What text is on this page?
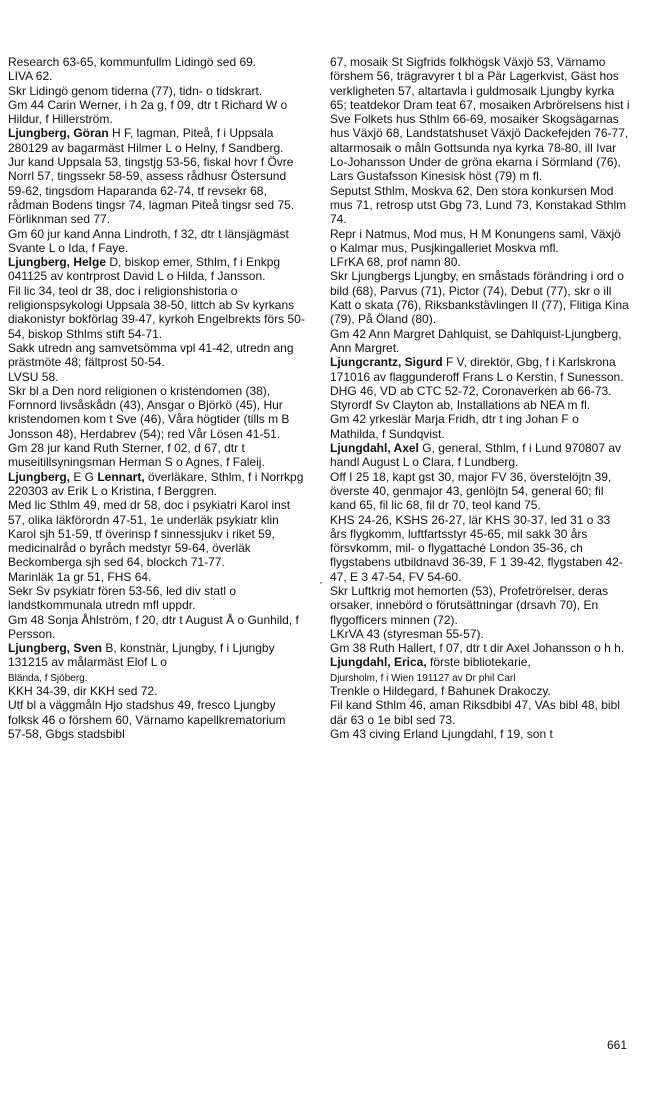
Research 63-65, kommunfullm Lidingö sed 69.

LIVA 62.

Skr Lidingö genom tiderna (77), tidn- o tidskrart.

Gm 44 Carin Werner, i h 2a g, f 09, dtr t Richard W o Hildur, f Hillerström.

Ljungberg, Göran H F, lagman, Piteå, f i Uppsala 280129 av bagarmäst Hilmer L o Helny, f Sandberg.

Jur kand Uppsala 53, tingstjg 53-56, fiskal hovr f Övre Norrl 57, tingssekr 58-59, assess rådhusr Östersund 59-62, tingsdom Haparanda 62-74, tf revsekr 68, rådman Bodens tingsr 74, lagman Piteå tingsr sed 75.

Förliknman sed 77.

Gm 60 jur kand Anna Lindroth, f 32, dtr t länsjägmäst Svante L o Ida, f Faye.

Ljungberg, Helge D, biskop emer, Sthlm, f i Enkpg 041125 av kontrprost David L o Hilda, f Jansson.

Fil lic 34, teol dr 38, doc i religionshistoria o religionspsykologi Uppsala 38-50, littch ab Sv kyrkans diakonistyr bokförlag 39-47, kyrkoh Engelbrekts förs 50-54, biskop Sthlms stift 54-71.

Sakk utredn ang samvetsömma vpl 41-42, utredn ang prästmöte 48; fältprost 50-54.

LVSU 58.

Skr bl a Den nord religionen o kristendomen (38), Fornnord livsåskådn (43), Ansgar o Björkö (45), Hur kristendomen kom t Sve (46), Våra högtider (tills m B Jonsson 48), Herdabrev (54); red Vår Lösen 41-51.

Gm 28 jur kand Ruth Sterner, f 02, d 67, dtr t museitillsyningsman Herman S o Agnes, f Faleij.

Ljungberg, E G Lennart, överläkare, Sthlm, f i Norrkpg 220303 av Erik L o Kristina, f Berggren.

Med lic Sthlm 49, med dr 58, doc i psykiatri Karol inst 57, olika läkförordn 47-51, 1e underläk psykiatr klin Karol sjh 51-59, tf överinsp f sinnessjukv i riket 59, medicinalråd o byråch medstyr 59-64, överläk Beckomberga sjh sed 64, blockch 71-77.

Marinläk 1a gr 51, FHS 64.

Sekr Sv psykiatr fören 53-56, led div statl o landstkommunala utredn mfl uppdr.

Gm 48 Sonja Åhlström, f 20, dtr t August Å o Gunhild, f Persson.

Ljungberg, Sven B, konstnär, Ljungby, f i Ljungby 131215 av målarmäst Elof L o
Blända, f Sjöberg.

KKH 34-39, dir KKH sed 72.

Utf bl a väggmåln Hjo stadshus 49, fresco Ljungby folksk 46 o förshem 60, Värnamo kapellkrematorium 57-58, Gbgs stadsbibl

·

67, mosaik St Sigfrids folkhögsk Växjö 53, Värnamo förshem 56, trägravyrer t bl a Pär Lagerkvist, Gäst hos verkligheten 57, altartavla i guldmosaik Ljungby kyrka 65; teatdekor Dram teat 67, mosaiken Arbrörelsens hist i Sve Folkets hus Sthlm 66-69, mosaiker Skogsägarnas hus Växjö 68, Landstatshuset Växjö Dackefejden 76-77, altarmosaik o måln Gottsunda nya kyrka 78-80, ill Ivar Lo-Johansson Under de gröna ekarna i Sörmland (76), Lars Gustafsson Kinesisk höst (79) m fl.

Seputst Sthlm, Moskva 62, Den stora konkursen Mod mus 71, retrosp utst Gbg 73, Lund 73, Konstakad Sthlm 74.

Repr i Natmus, Mod mus, H M Konungens saml, Växjö o Kalmar mus, Pusjkingalleriet Moskva mfl.

LFrKA 68, prof namn 80.

Skr Ljungbergs Ljungby, en småstads förändring i ord o bild (68), Parvus (71), Pictor (74), Debut (77), skr o ill Katt o skata (76), Riksbankstävlingen II (77), Flitiga Kina (79), På Öland (80).

Gm 42 Ann Margret Dahlquist, se Dahlquist-Ljungberg, Ann Margret.

Ljungcrantz, Sigurd F V, direktör, Gbg, f i Karlskrona 171016 av flaggunderoff Frans L o Kerstin, f Sunesson.

DHG 46, VD ab CTC 52-72, Coronaverken ab 66-73.

Styrordf Sv Clayton ab, Installations ab NEA m fl.

Gm 42 yrkeslär Marja Fridh, dtr t ing Johan F o Mathilda, f Sundqvist.

Ljungdahl, Axel G, general, Sthlm, f i Lund 970807 av handl August L o Clara, f Lundberg.

Off I 25 18, kapt gst 30, major FV 36, överstelöjtn 39, överste 40, genmajor 43, genlöjtn 54, general 60; fil kand 65, fil lic 68, fil dr 70, teol kand 75.

KHS 24-26, KSHS 26-27, lär KHS 30-37, led 31 o 33 års flygkomm, luftfartsstyr 45-65, mil sakk 30 års försvkomm, mil- o flygattaché London 35-36, ch flygstabens utbildnavd 36-39, F 1 39-42, flygstaben 42-47, E 3 47-54, FV 54-60.

Skr Luftkrig mot hemorten (53), Profetrörelser, deras orsaker, innebörd o förutsättningar (drsavh 70), En flygofficers minnen (72).

LKrVA 43 (styresman 55-57).

Gm 38 Ruth Hallert, f 07, dtr t dir Axel Johansson o h h.

Ljungdahl, Erica, förste bibliotekarie,
Djursholm, f i Wien 191127 av Dr phil Carl
Trenkle o Hildegard, f Bahunek Drakoczy.

Fil kand Sthlm 46, aman Riksdbibl 47, VAs bibl 48, bibl där 63 o 1e bibl sed 73.

Gm 43 civing Erland Ljungdahl, f 19, son t

661
